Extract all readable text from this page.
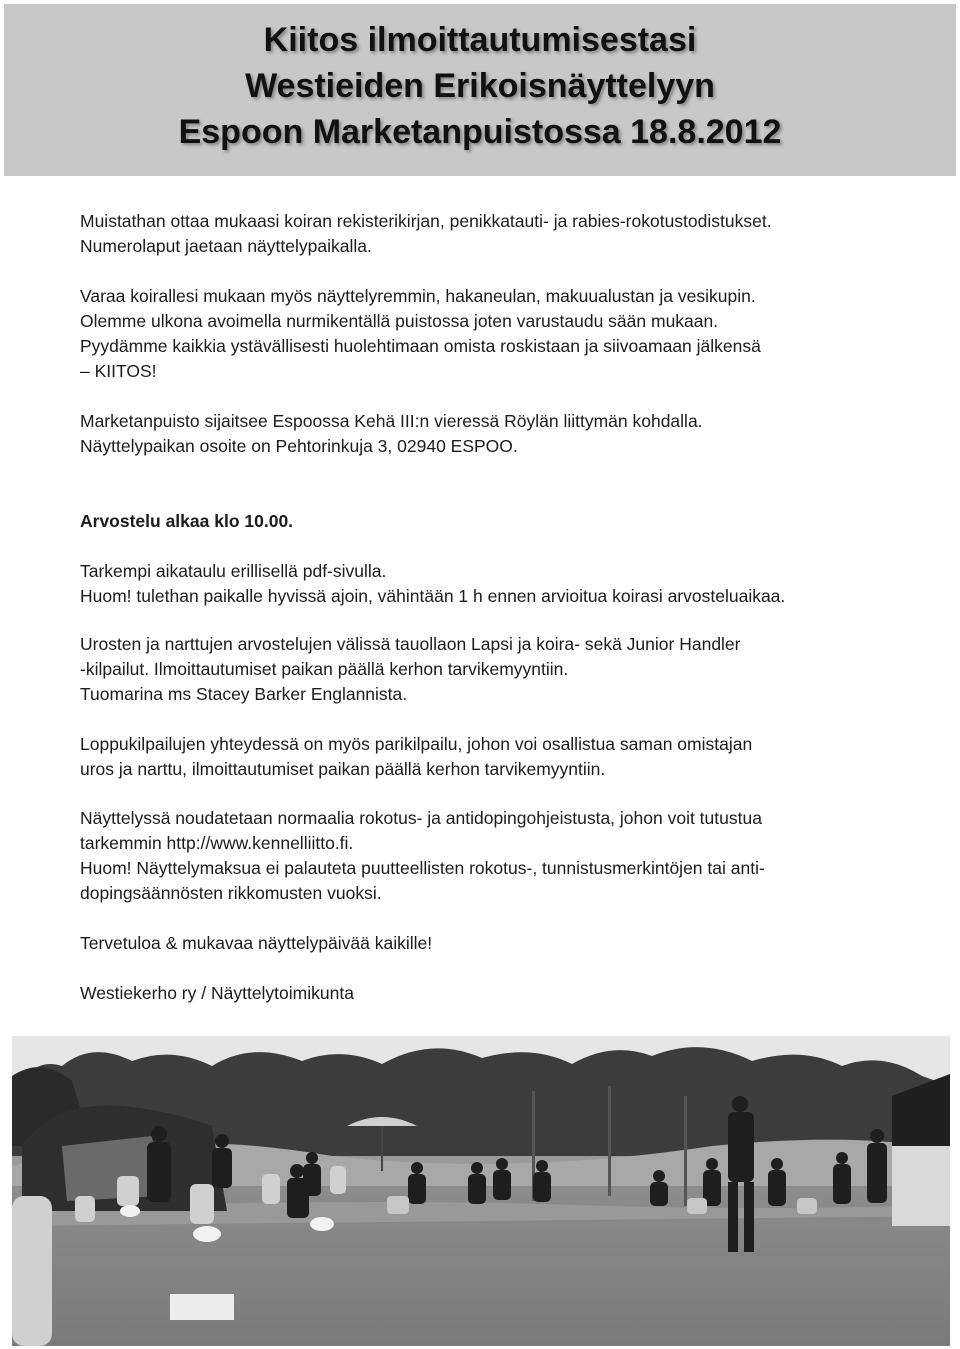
Kiitos ilmoittautumisestasi
Westieiden Erikoisnäyttelyyn
Espoon Marketanpuistossa 18.8.2012
Muistathan ottaa mukaasi koiran rekisterikirjan, penikkatauti- ja rabies-rokotustodistukset.
Numerolaput jaetaan näyttelypaikalla.
Varaa koirallesi mukaan myös näyttelyremmin, hakaneulan, makuualustan ja vesikupin.
Olemme ulkona avoimella nurmikentällä puistossa joten varustaudu sään mukaan.
Pyydämme kaikkia ystävällisesti huolehtimaan omista roskistaan ja siivoamaan jälkensä
– KIITOS!
Marketanpuisto sijaitsee Espoossa Kehä III:n vieressä Röylän liittymän kohdalla.
Näyttelypaikan osoite on Pehtorinkuja 3, 02940 ESPOO.
Arvostelu alkaa klo 10.00.
Tarkempi aikataulu erillisellä pdf-sivulla.
Huom! tulethan paikalle hyvissä ajoin, vähintään 1 h ennen arvioitua koirasi arvosteluaikaa.
Urosten ja narttujen arvostelujen välissä tauollaon Lapsi ja koira- sekä Junior Handler
-kilpailut. Ilmoittautumiset paikan päällä kerhon tarvikemyyntiin.
Tuomarina ms Stacey Barker Englannista.
Loppukilpailujen yhteydessä on myös parikilpailu, johon voi osallistua saman omistajan
uros ja narttu, ilmoittautumiset paikan päällä kerhon tarvikemyyntiin.
Näyttelyssä noudatetaan normaalia rokotus- ja antidopingohjeistusta, johon voit tutustua
tarkemmin http://www.kennelliitto.fi.
Huom! Näyttelymaksua ei palauteta puutteellisten rokotus-, tunnistusmerkintöjen tai anti-
dopingsäännösten rikkomusten vuoksi.
Tervetuloa & mukavaa näyttelypäivää kaikille!
Westiekerho ry / Näyttelytoimikunta
